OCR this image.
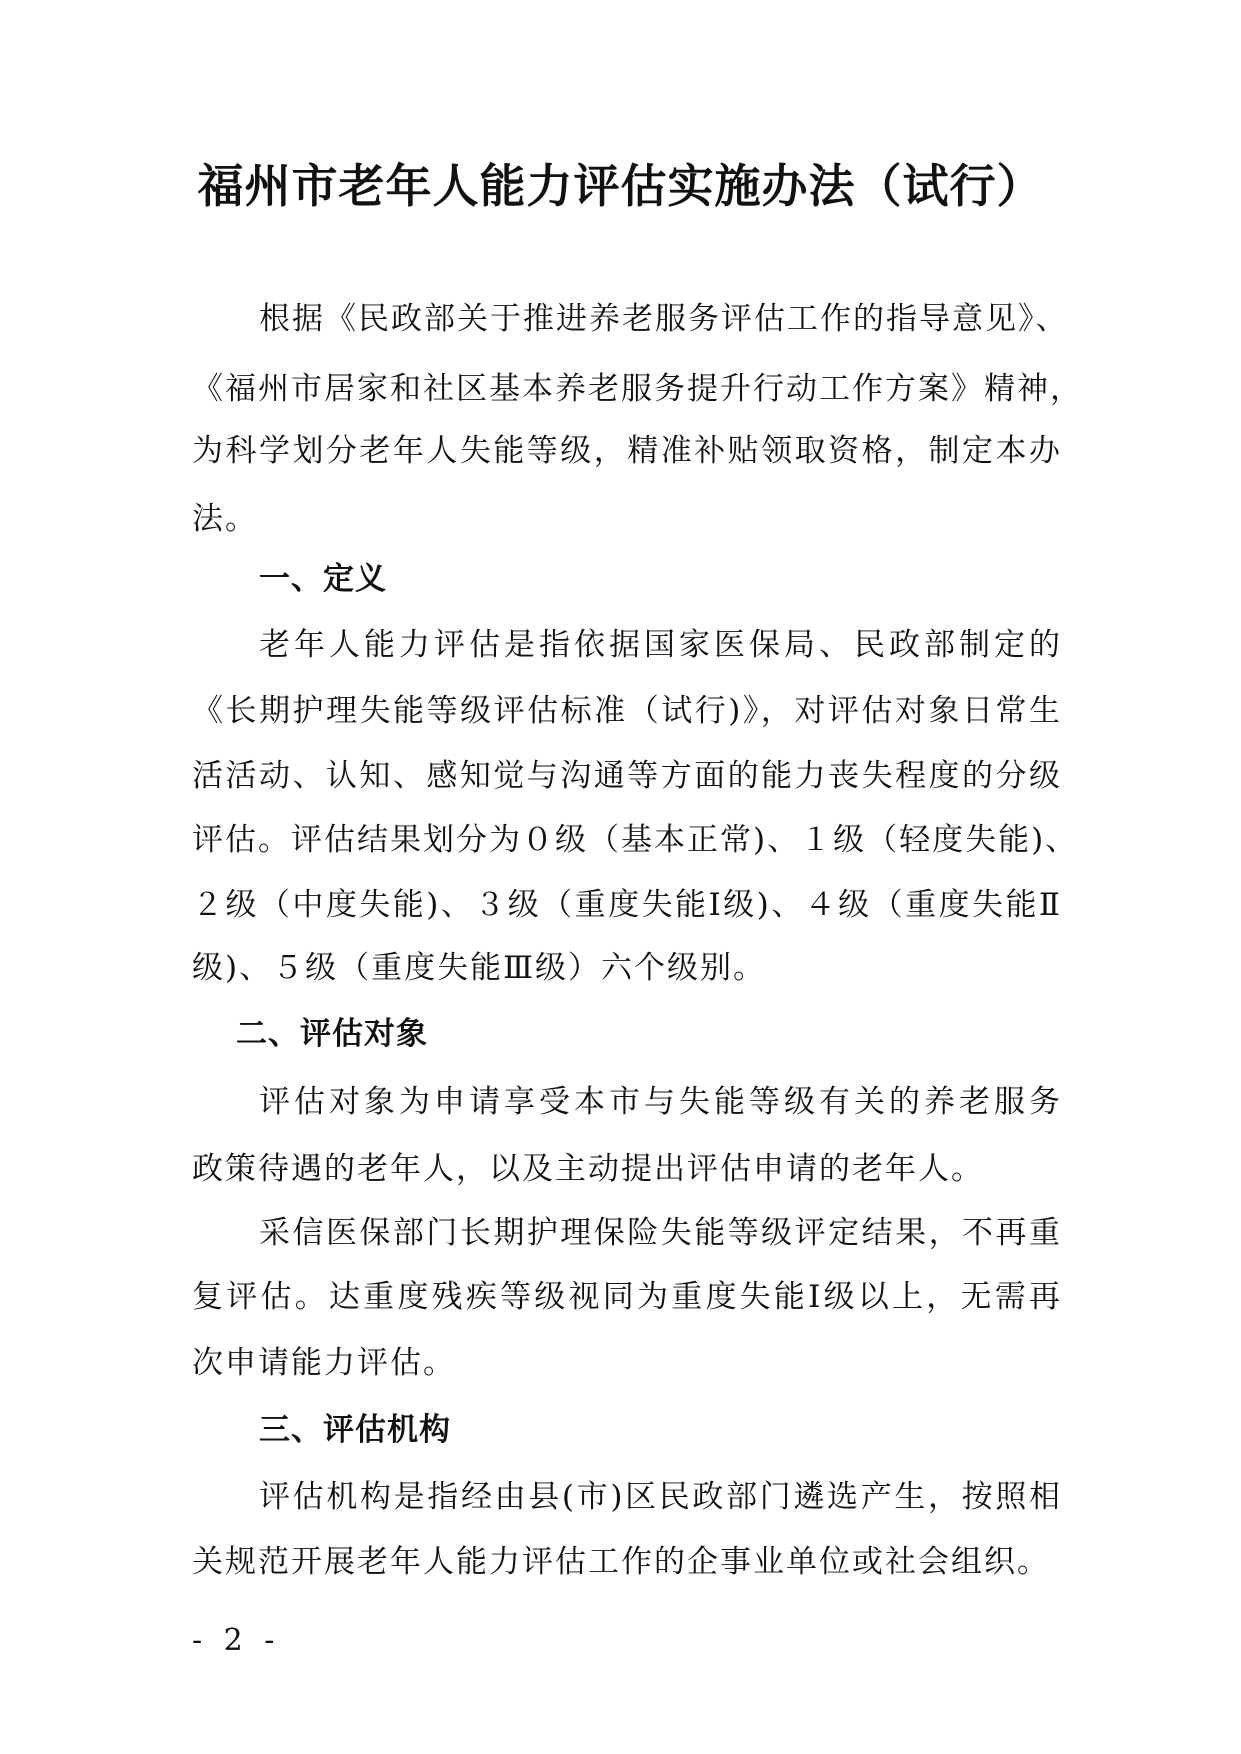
福州市老年人能力评估实施办法（试行）
根据《民政部关于推进养老服务评估工作的指导意见》、
《福州市居家和社区基本养老服务提升行动工作方案》精神，
为科学划分老年人失能等级，精准补贴领取资格，制定本办
法。
一、定义
老年人能力评估是指依据国家医保局、民政部制定的
《长期护理失能等级评估标准（试行)》，对评估对象日常生
活活动、认知、感知觉与沟通等方面的能力丧失程度的分级
评估。评估结果划分为０级（基本正常)、１级（轻度失能)、
２级（中度失能)、３级（重度失能Ⅰ级)、４级（重度失能Ⅱ
级)、５级（重度失能Ⅲ级）六个级别。
二、评估对象
评估对象为申请享受本市与失能等级有关的养老服务
政策待遇的老年人，以及主动提出评估申请的老年人。
采信医保部门长期护理保险失能等级评定结果，不再重
复评估。达重度残疾等级视同为重度失能Ⅰ级以上，无需再
次申请能力评估。
三、评估机构
评估机构是指经由县(市)区民政部门遴选产生，按照相
关规范开展老年人能力评估工作的企事业单位或社会组织。
- 2 -
